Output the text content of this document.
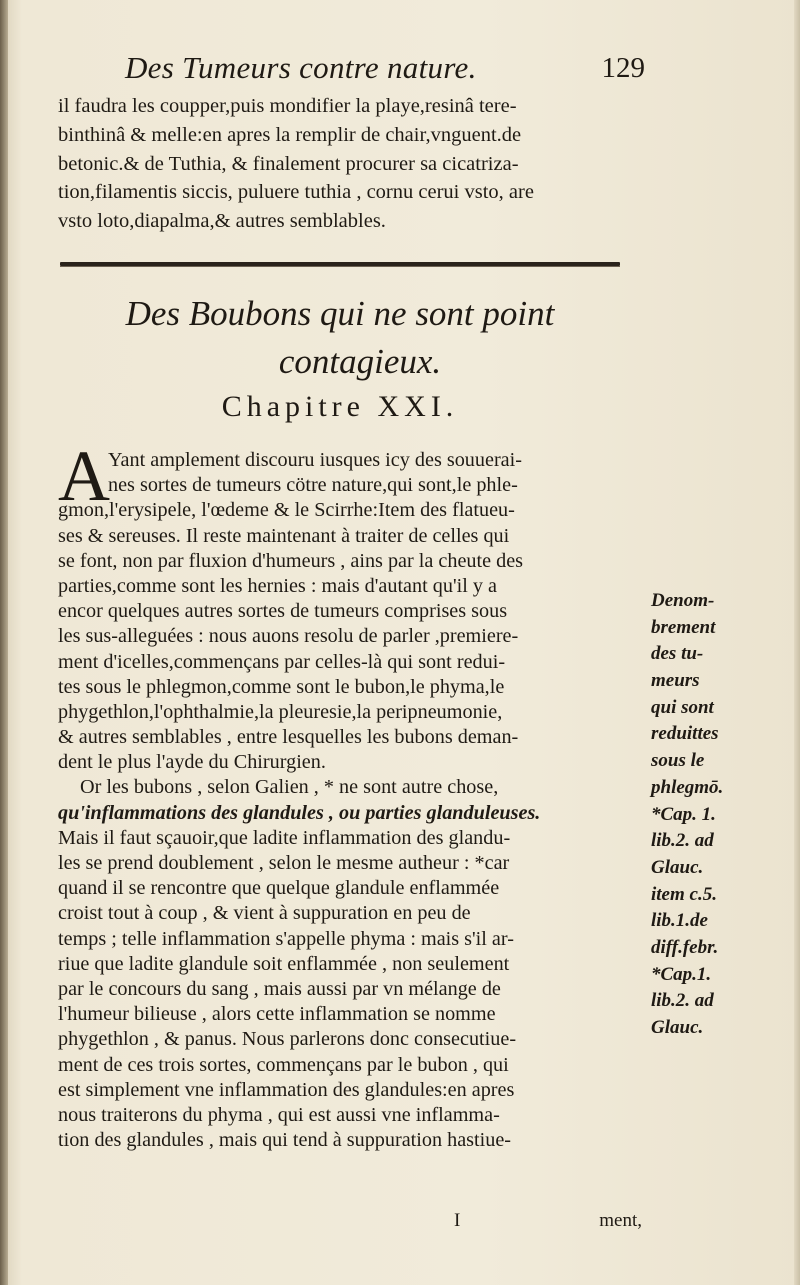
Des Tumeurs contre nature.	129
il faudra les coupper,puis mondifier la playe,resinâ tere-
binthinâ & melle:en apres la remplir de chair,vnguent.de
betonic.& de Tuthia, & finalement procurer sa cicatriza-
tion,filamentis siccis, puluere tuthia , cornu cerui vsto, are
vsto loto,diapalma,& autres semblables.
Des Boubons qui ne sont point
contagieux.
Chapitre XXI.
A
Yant amplement discouru iusques icy des souuerai-
nes sortes de tumeurs cötre nature,qui sont,le phle-
gmon,l'erysipele, l'œdeme & le Scirrhe:Item des flatueu-
ses & sereuses. Il reste maintenant à traiter de celles qui
se font, non par fluxion d'humeurs , ains par la cheute des
parties,comme sont les hernies : mais d'autant qu'il y a
encor quelques autres sortes de tumeurs comprises sous
les sus-alleguées : nous auons resolu de parler ,premiere-
ment d'icelles,commençans par celles-là qui sont redui-
tes sous le phlegmon,comme sont le bubon,le phyma,le
phygethlon,l'ophthalmie,la pleuresie,la peripneumonie,
& autres semblables , entre lesquelles les bubons deman-
dent le plus l'ayde du Chirurgien.
Or les bubons , selon Galien , * ne sont autre chose,
qu'inflammations des glandules , ou parties glanduleuses.
Mais il faut sçauoir,que ladite inflammation des glandu-
les se prend doublement , selon le mesme autheur : *car
quand il se rencontre que quelque glandule enflammée
croist tout à coup , & vient à suppuration en peu de
temps ; telle inflammation s'appelle phyma : mais s'il ar-
riue que ladite glandule soit enflammée , non seulement
par le concours du sang , mais aussi par vn mélange de
l'humeur bilieuse , alors cette inflammation se nomme
phygethlon , & panus. Nous parlerons donc consecutiue-
ment de ces trois sortes, commençans par le bubon , qui
est simplement vne inflammation des glandules:en apres
nous traiterons du phyma , qui est aussi vne inflamma-
tion des glandules , mais qui tend à suppuration hastiue-
Denom-
brement
des tu-
meurs
qui sont
reduittes
sous le
phlegmō.
*Cap. 1.
lib.2. ad
Glauc.
item c.5.
lib.1.de
diff.febr.
*Cap.1.
lib.2. ad
Glauc.
I	ment,
